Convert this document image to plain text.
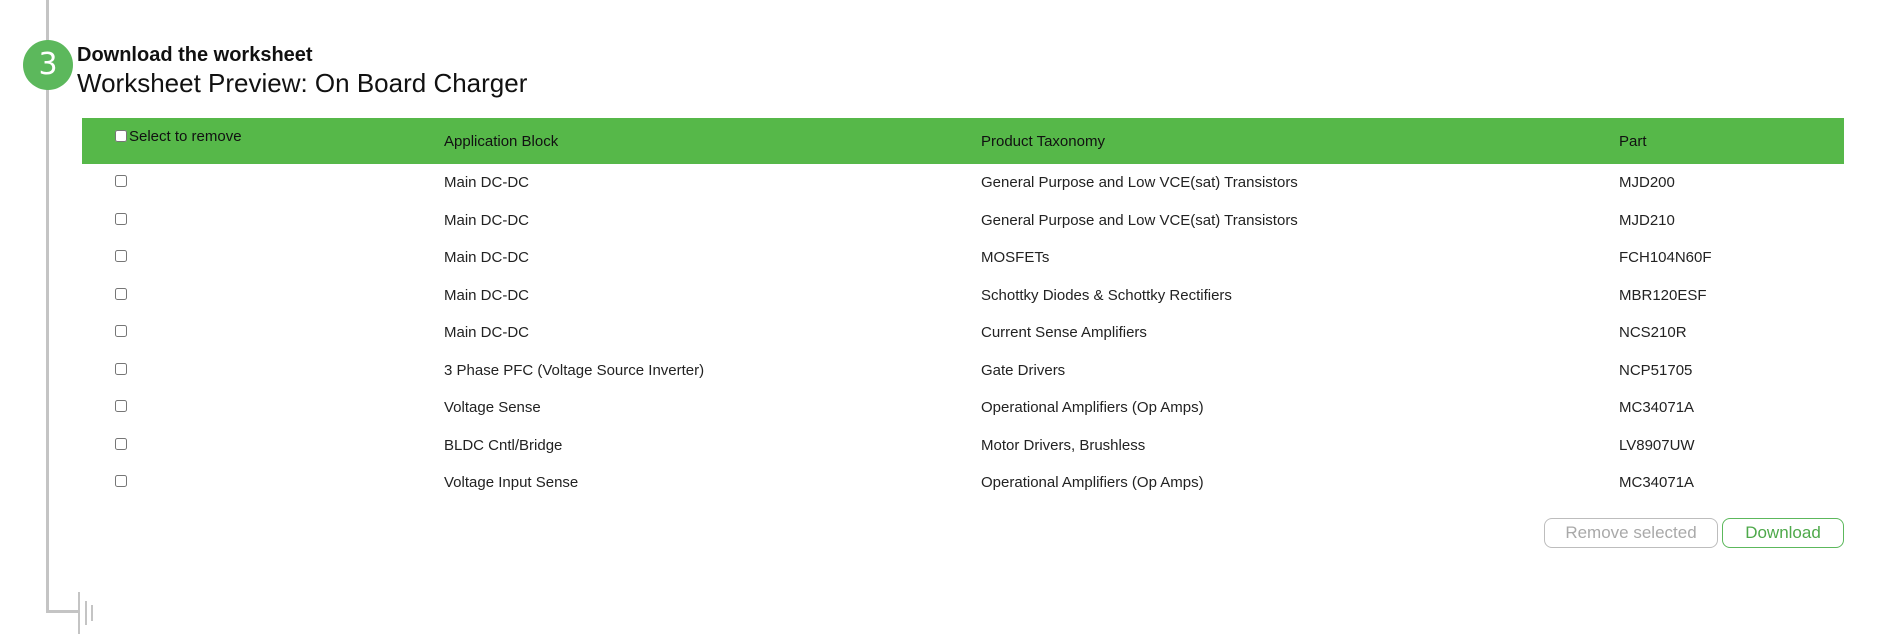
3 Download the worksheet
Worksheet Preview: On Board Charger
Select to remove	Application Block	Product Taxonomy	Part
	Main DC-DC	General Purpose and Low VCE(sat) Transistors	MJD200
	Main DC-DC	General Purpose and Low VCE(sat) Transistors	MJD210
	Main DC-DC	MOSFETs	FCH104N60F
	Main DC-DC	Schottky Diodes & Schottky Rectifiers	MBR120ESF
	Main DC-DC	Current Sense Amplifiers	NCS210R
	3 Phase PFC (Voltage Source Inverter)	Gate Drivers	NCP51705
	Voltage Sense	Operational Amplifiers (Op Amps)	MC34071A
	BLDC Cntl/Bridge	Motor Drivers, Brushless	LV8907UW
	Voltage Input Sense	Operational Amplifiers (Op Amps)	MC34071A
Remove selected	Download
